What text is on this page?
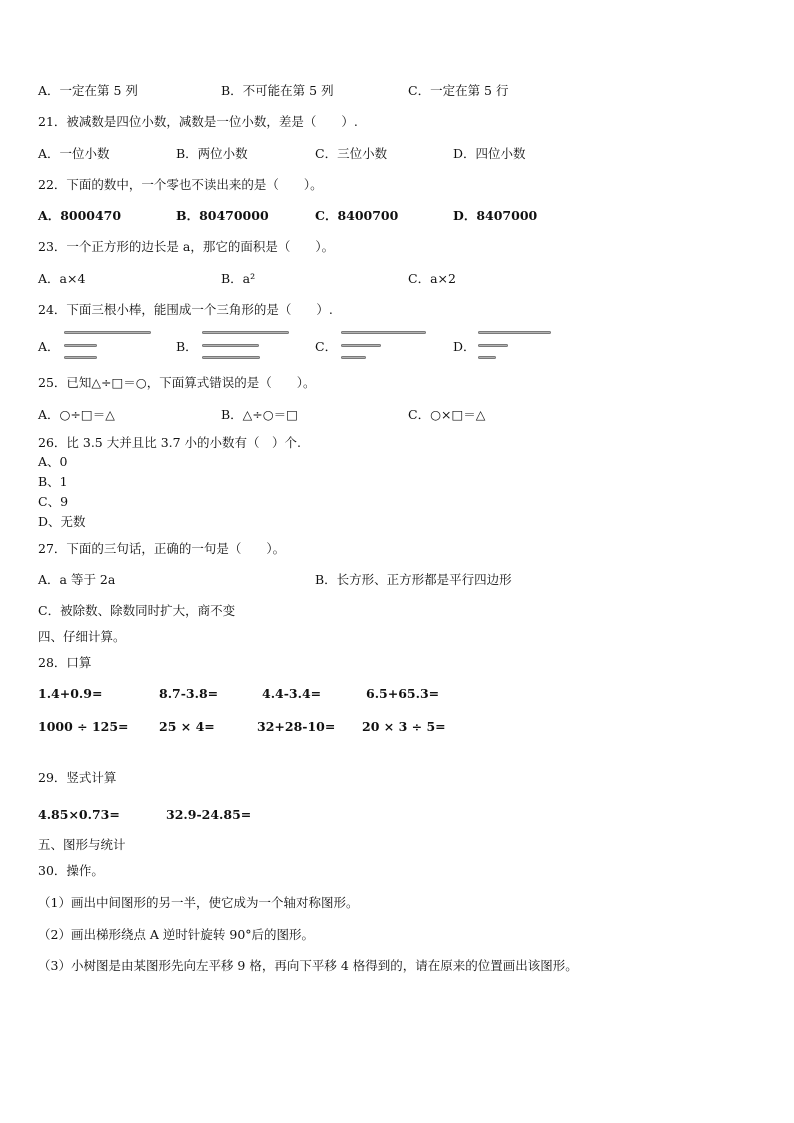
A．一定在第 5 列	B．不可能在第 5 列	C．一定在第 5 行
21．被减数是四位小数，减数是一位小数，差是（　　）.
A．一位小数	B．两位小数	C．三位小数	D．四位小数
22．下面的数中，一个零也不读出来的是（　　）。
A．8000470	B．80470000	C．8400700	D．8407000
23．一个正方形的边长是 a，那它的面积是（　　）。
A．a×4	B．a²	C．a×2
24．下面三根小棒，能围成一个三角形的是（　　）.
A．	B．	C．	D．
25．已知△÷□＝○，下面算式错误的是（　　）。
A．○÷□＝△	B．△÷○＝□	C．○×□＝△
26．比 3.5 大并且比 3.7 小的小数有（　）个.
A、0
B、1
C、9
D、无数
27．下面的三句话，正确的一句是（　　）。
A．a 等于 2a	B．长方形、正方形都是平行四边形
C．被除数、除数同时扩大，商不变
四、仔细计算。
28．口算
1.4+0.9=	8.7-3.8=	4.4-3.4=	6.5+65.3=
1000 ÷ 125= 25 × 4=	32+28-10= 20 × 3 ÷ 5=
29．竖式计算
4.85×0.73=	32.9-24.85=
五、图形与统计
30．操作。
（1）画出中间图形的另一半，使它成为一个轴对称图形。
（2）画出梯形绕点 A 逆时针旋转 90°后的图形。
（3）小树图是由某图形先向左平移 9 格，再向下平移 4 格得到的，请在原来的位置画出该图形。
